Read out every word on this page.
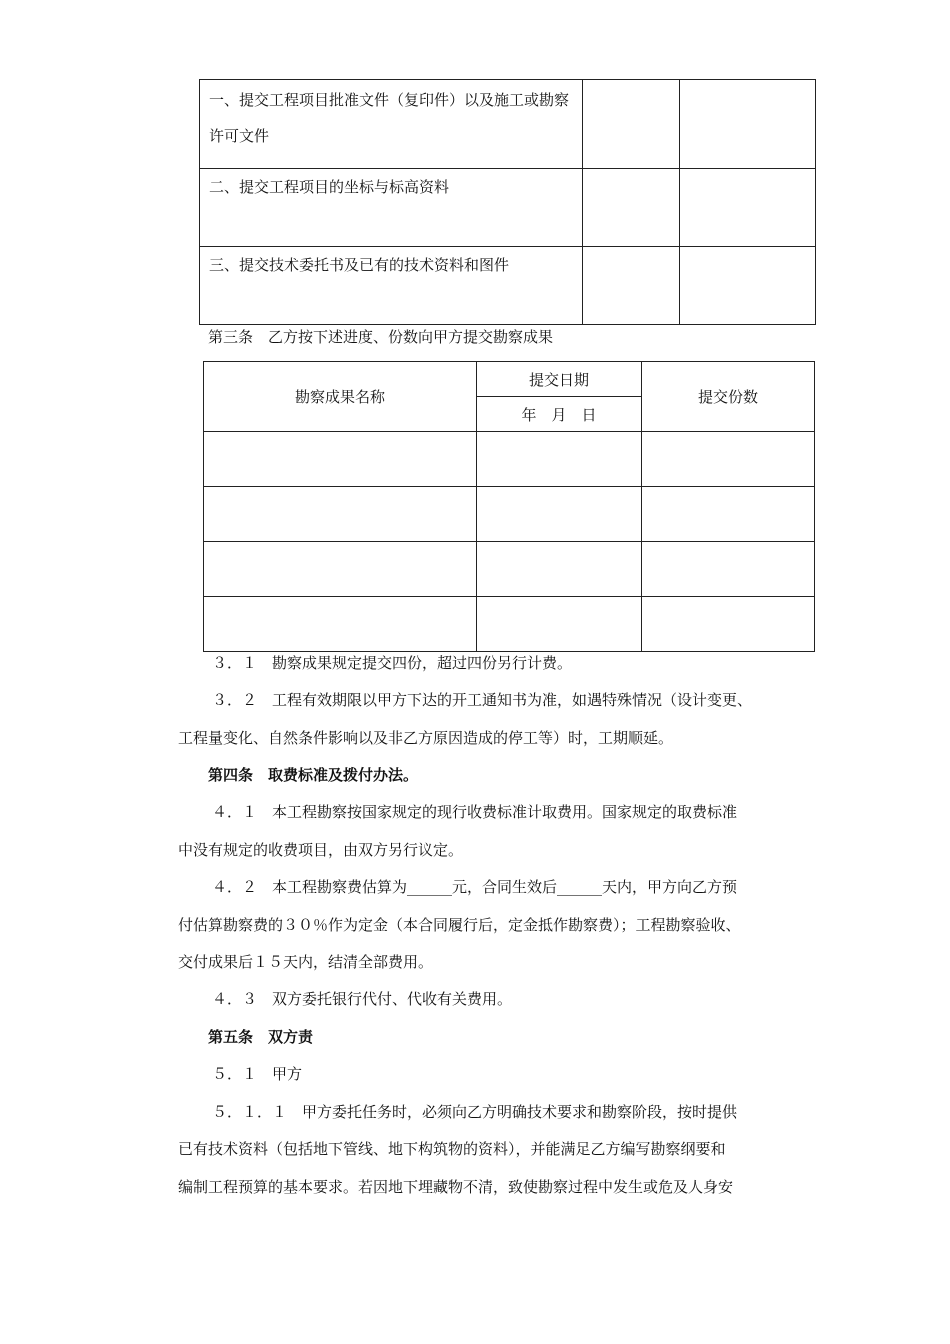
一、提交工程项目批准文件（复印件）以及施工或勘察许可文件		
二、提交工程项目的坐标与标高资料		
三、提交技术委托书及已有的技术资料和图件		

第三条　乙方按下述进度、份数向甲方提交勘察成果

勘察成果名称	提交日期	提交份数
	年　月　日	

３．１　勘察成果规定提交四份，超过四份另行计费。

３．２　工程有效期限以甲方下达的开工通知书为准，如遇特殊情况（设计变更、

工程量变化、自然条件影响以及非乙方原因造成的停工等）时，工期顺延。

第四条　取费标准及拨付办法。

４．１　本工程勘察按国家规定的现行收费标准计取费用。国家规定的取费标准

中没有规定的收费项目，由双方另行议定。

４．２　本工程勘察费估算为______元，合同生效后______天内，甲方向乙方预

付估算勘察费的３０％作为定金（本合同履行后，定金抵作勘察费）；工程勘察验收、

交付成果后１５天内，结清全部费用。

４．３　双方委托银行代付、代收有关费用。

第五条　双方责

５．１　甲方

５．１．１　甲方委托任务时，必须向乙方明确技术要求和勘察阶段，按时提供

已有技术资料（包括地下管线、地下构筑物的资料），并能满足乙方编写勘察纲要和

编制工程预算的基本要求。若因地下埋藏物不清，致使勘察过程中发生或危及人身安
